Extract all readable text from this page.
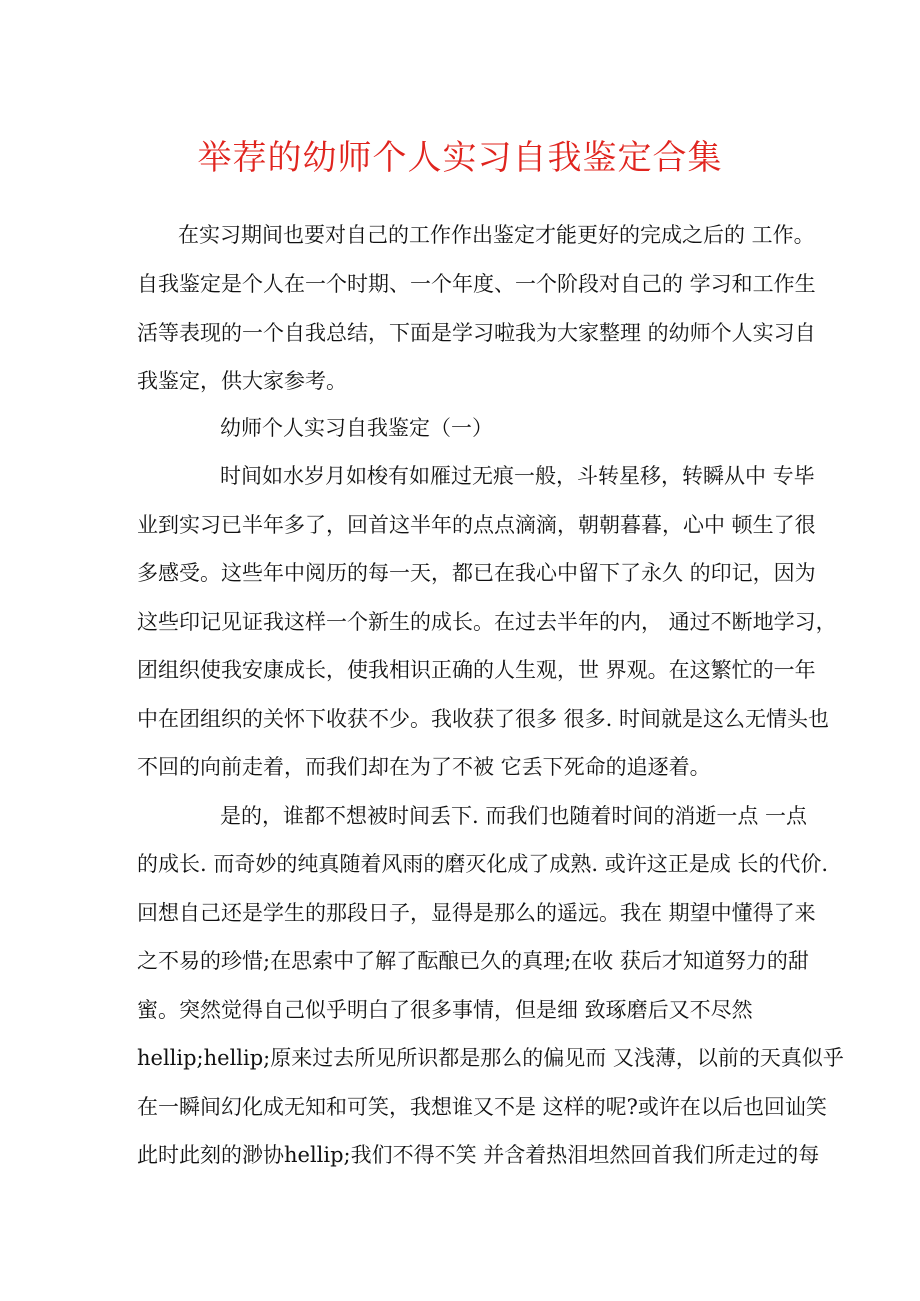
举荐的幼师个人实习自我鉴定合集
在实习期间也要对自己的工作作出鉴定才能更好的完成之后的 工作。
自我鉴定是个人在一个时期、一个年度、一个阶段对自己的 学习和工作生
活等表现的一个自我总结，下面是学习啦我为大家整理 的幼师个人实习自
我鉴定，供大家参考。
幼师个人实习自我鉴定（一）
时间如水岁月如梭有如雁过无痕一般，斗转星移，转瞬从中 专毕
业到实习已半年多了，回首这半年的点点滴滴，朝朝暮暮，心中 顿生了很
多感受。这些年中阅历的每一天，都已在我心中留下了永久 的印记，因为
这些印记见证我这样一个新生的成长。在过去半年的内， 通过不断地学习，
团组织使我安康成长，使我相识正确的人生观，世 界观。在这繁忙的一年
中在团组织的关怀下收获不少。我收获了很多 很多. 时间就是这么无情头也
不回的向前走着，而我们却在为了不被 它丢下死命的追逐着。
是的，谁都不想被时间丢下. 而我们也随着时间的消逝一点 一点
的成长. 而奇妙的纯真随着风雨的磨灭化成了成熟. 或许这正是成 长的代价.
回想自己还是学生的那段日子，显得是那么的遥远。我在 期望中懂得了来
之不易的珍惜;在思索中了解了酝酿已久的真理;在收 获后才知道努力的甜
蜜。突然觉得自己似乎明白了很多事情，但是细 致琢磨后又不尽然
hellip;hellip;原来过去所见所识都是那么的偏见而 又浅薄，以前的天真似乎
在一瞬间幻化成无知和可笑，我想谁又不是 这样的呢?或许在以后也回讪笑
此时此刻的渺协hellip;我们不得不笑 并含着热泪坦然回首我们所走过的每
